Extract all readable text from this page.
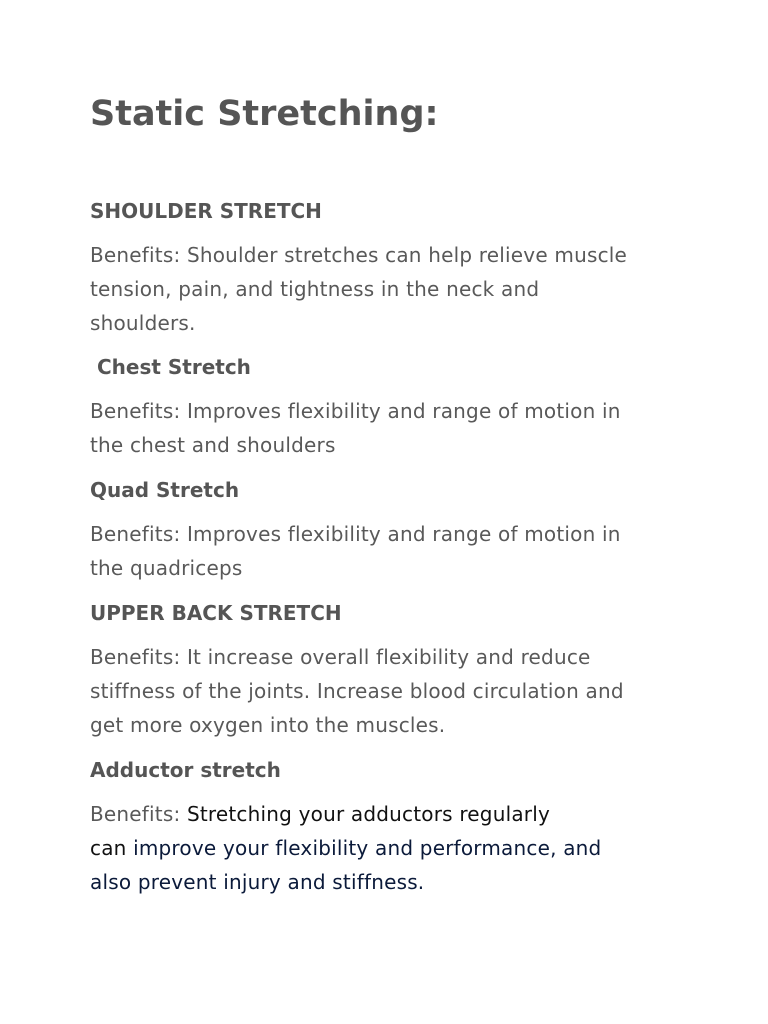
Static Stretching:
SHOULDER STRETCH

Benefits: Shoulder stretches can help relieve muscle
tension, pain, and tightness in the neck and
shoulders.

Chest Stretch

Benefits: Improves flexibility and range of motion in
the chest and shoulders

Quad Stretch

Benefits: Improves flexibility and range of motion in
the quadriceps

UPPER BACK STRETCH

Benefits: It increase overall flexibility and reduce
stiffness of the joints. Increase blood circulation and
get more oxygen into the muscles.

Adductor stretch

Benefits: Stretching your adductors regularly
can improve your flexibility and performance, and
also prevent injury and stiffness.
